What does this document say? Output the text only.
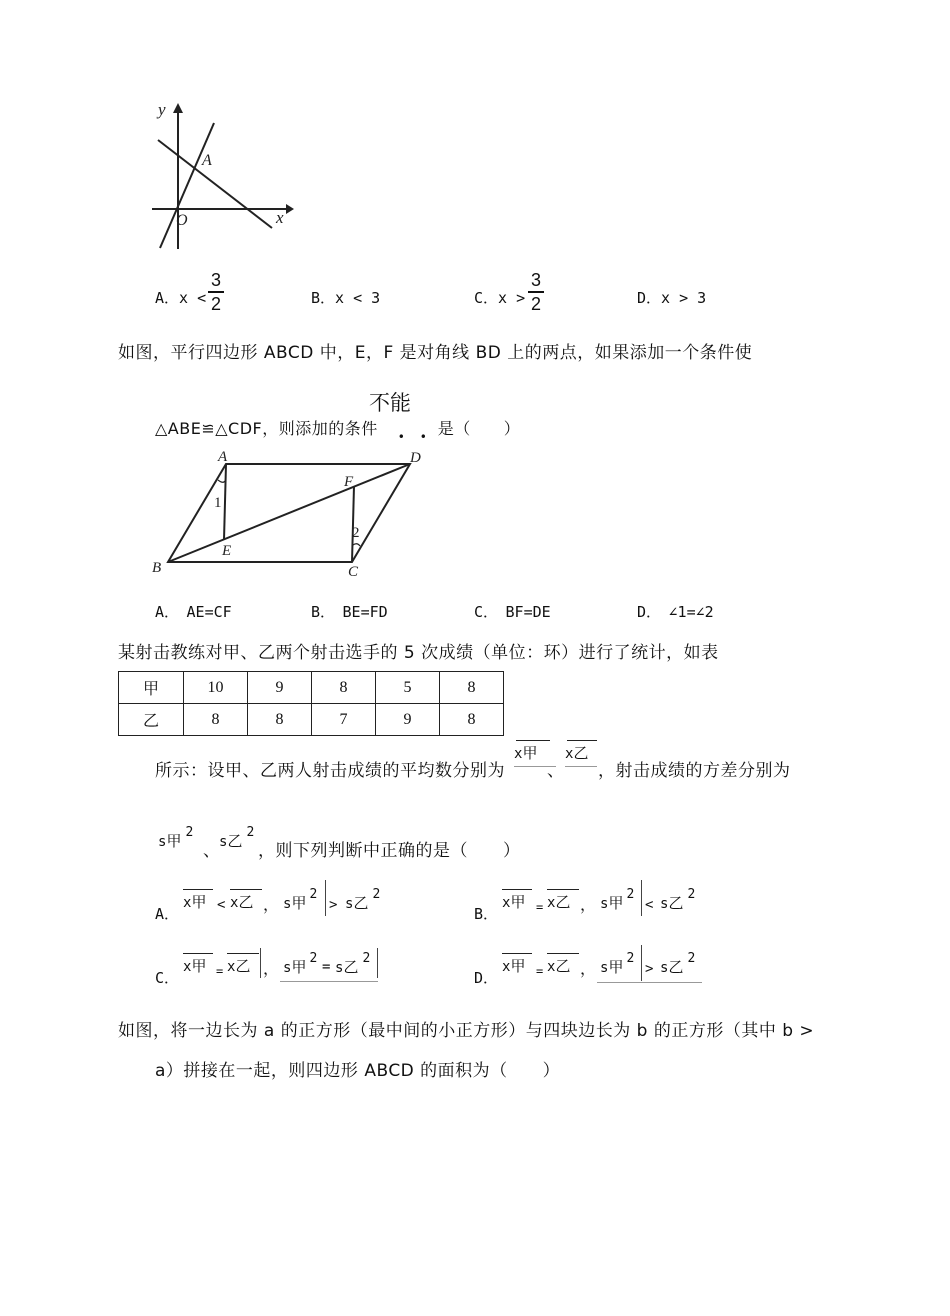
y
x
O
A
A．x <
3
2	B．x < 3	C．x >
3
2	D．x > 3
如图，平行四边形 ABCD 中，E，F 是对角线 BD 上的两点，如果添加一个条件使
不能
△ABE≌△CDF，则添加的条件 • • 是（　　）
A
B	C
D
E
F
1
2
A．　AE=CF	B．　BE=FD	C．　BF=DE	D．　∠1=∠2
某射击教练对甲、乙两个射击选手的 5 次成绩（单位：环）进行了统计，如表
甲	10	9	8	5	8
乙	8	8	7	9	8
所示：设甲、乙两人射击成绩的平均数分别为
x甲
、
x乙
，射击成绩的方差分别为
s甲 $^2$
、
s乙 $^2$
，则下列判断中正确的是（　　）
A．
x甲 < x乙 ， s甲 $^2$
> s乙 $^2$
B．
x甲 = x乙 ， s甲 $^2$
< s乙 $^2$
C．
x甲 = x乙 ， s甲 $^2$
= s乙 $^2$
D．
x甲 = x乙 ， s甲 $^2$
> s乙 $^2$
如图，将一边长为 a 的正方形（最中间的小正方形）与四块边长为 b 的正方形（其中 b >
a）拼接在一起，则四边形 ABCD 的面积为（　　）
